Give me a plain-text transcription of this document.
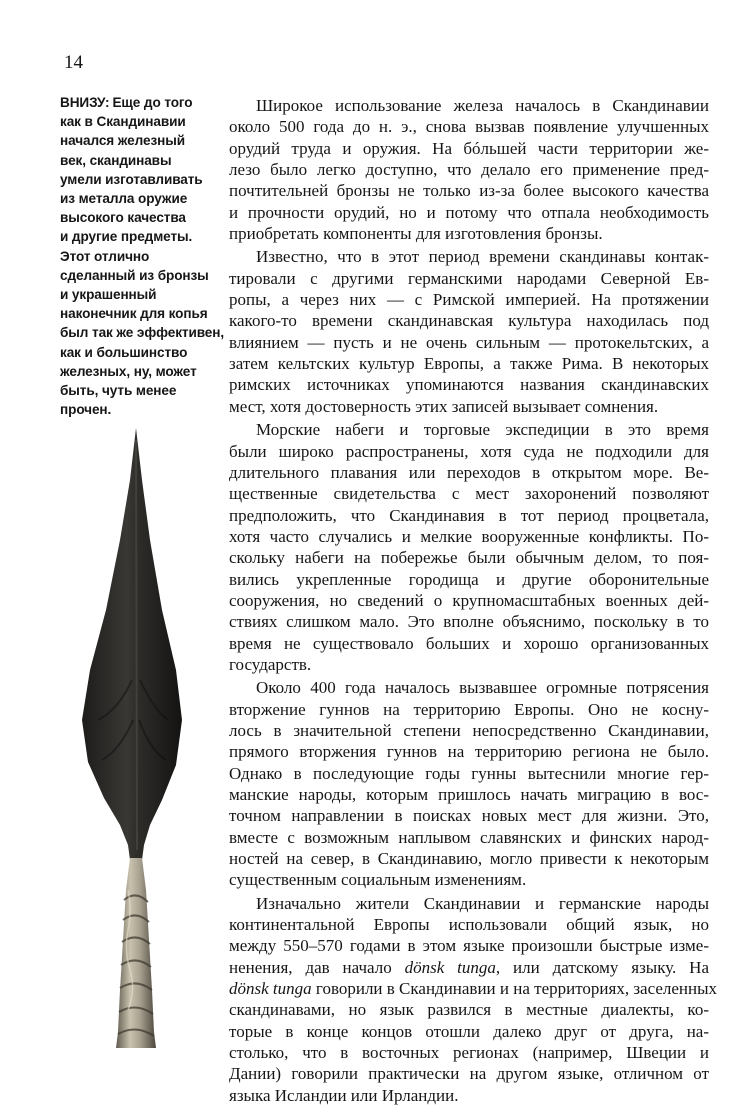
14
ВНИЗУ: Еще до того
как в Скандинавии
начался железный
век, скандинавы
умели изготавливать
из металла оружие
высокого качества
и другие предметы.
Этот отлично
сделанный из бронзы
и украшенный
наконечник для копья
был так же эффективен,
как и большинство
железных, ну, может
быть, чуть менее
прочен.
Широкое использование железа началось в Скандинавии
около 500 года до н. э., снова вызвав появление улучшенных
орудий труда и оружия. На бóльшей части территории же-
лезо было легко доступно, что делало его применение пред-
почтительней бронзы не только из-за более высокого качества
и прочности орудий, но и потому что отпала необходимость
приобретать компоненты для изготовления бронзы.
Известно, что в этот период времени скандинавы контак-
тировали с другими германскими народами Северной Ев-
ропы, а через них — с Римской империей. На протяжении
какого-то времени скандинавская культура находилась под
влиянием — пусть и не очень сильным — протокельтских, а
затем кельтских культур Европы, а также Рима. В некоторых
римских источниках упоминаются названия скандинавских
мест, хотя достоверность этих записей вызывает сомнения.
Морские набеги и торговые экспедиции в это время
были широко распространены, хотя суда не подходили для
длительного плавания или переходов в открытом море. Ве-
щественные свидетельства с мест захоронений позволяют
предположить, что Скандинавия в тот период процветала,
хотя часто случались и мелкие вооруженные конфликты. По-
скольку набеги на побережье были обычным делом, то поя-
вились укрепленные городища и другие оборонительные
сооружения, но сведений о крупномасштабных военных дей-
ствиях слишком мало. Это вполне объяснимо, поскольку в то
время не существовало больших и хорошо организованных
государств.
Около 400 года началось вызвавшее огромные потрясения
вторжение гуннов на территорию Европы. Оно не косну-
лось в значительной степени непосредственно Скандинавии,
прямого вторжения гуннов на территорию региона не было.
Однако в последующие годы гунны вытеснили многие гер-
манские народы, которым пришлось начать миграцию в вос-
точном направлении в поисках новых мест для жизни. Это,
вместе с возможным наплывом славянских и финских народ-
ностей на север, в Скандинавию, могло привести к некоторым
существенным социальным изменениям.
Изначально жители Скандинавии и германские народы
континентальной Европы использовали общий язык, но
между 550–570 годами в этом языке произошли быстрые изме-
ненения, дав начало dönsk tunga, или датскому языку. На
dönsk tunga говорили в Скандинавии и на территориях, заселенных
скандинавами, но язык развился в местные диалекты, ко-
торые в конце концов отошли далеко друг от друга, на-
столько, что в восточных регионах (например, Швеции и
Дании) говорили практически на другом языке, отличном от
языка Исландии или Ирландии.
